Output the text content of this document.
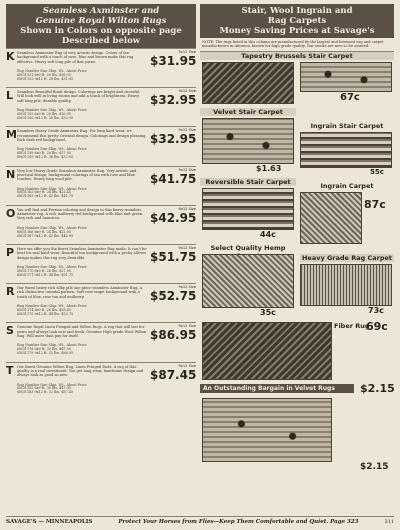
Seamless Axminster and
Genuine Royal Wilton Rugs
Shown in Colors on opposite page
Described below
K Seamless Axminster Rug of very artistic design. Colors of tan background with a touch of rose, blue and brown make this rug effective. Heavy soft long pile of fine yarns.
9x12 Size
$31.95
Rug Number Size Ship. Wt., About Price
6M31151 6x9 ft. 20 lbs. $16.95
6M31152 9x12 ft. 38 lbs. $31.95
L Seamless Beautiful floral design. Colorings are bright and cheerful. Will look well in living rooms and add a touch of brightness. Heavy soft long pile, durable quality.
9x12 Size
$32.95
Rug Number Size Ship. Wt., About Price
6M31155 6x9 ft. 20 lbs. $16.95
6M31156 9x12 ft. 38 lbs. $32.95
M Seamless Heavy Grade Axminster Rug. For long hard wear, we recommend this pretty Oriental design. Colorings and design pleasing. Rich dark red background.
9x12 Size
$32.95
Rug Number Size Ship. Wt., About Price
6M31158 6x9 ft. 20 lbs. $17.95
6M31159 9x12 ft. 38 lbs. $32.95
N Very low Heavy Grade Seamless Axminster Rug. Very artistic and practical design, background colorings of tan with rose and blue touches. Heavy long wool pile.
9x12 Size
$41.75
Rug Number Size Ship. Wt., About Price
6M31162 6x9 ft. 24 lbs. $22.45
6M31163 9x12 ft. 42 lbs. $41.75
O You will find and Persian coloring and design in this heavy seamless Axminster rug. A rich mulberry red background with blue and green. Very rich and luxurious.
9x12 Size
$42.95
Rug Number Size Ship. Wt., About Price
6M31166 6x9 ft. 24 lbs. $22.95
6M31167 9x12 ft. 42 lbs. $42.95
P Here we offer you the finest Seamless Axminster Rug made. It can't be beat for real hard wear. Beautiful tan background with a pretty allover design makes this rug very desirable.
9x12 Size
$51.75
Rug Number Size Ship. Wt., About Price
6M31170 6x9 ft. 26 lbs. $27.95
6M31171 9x12 ft. 44 lbs. $51.75
R Our finest heavy rich silky pile one piece seamless Axminster Rug. A rich distinctive oriental pattern. Soft rose taupe background with a touch of blue, rose tan and mulberry.
9x12 Size
$52.75
Rug Number Size Ship. Wt., About Price
6M31174 6x9 ft. 26 lbs. $28.45
6M31175 9x12 ft. 44 lbs. $52.75
S Genuine Royal Linen Fringed and Wilton Rugs. A rug that will last for years and always look new and fresh. Genuine High grade Wool Wilton Rug. Will more than pay for itself.
9x12 Size
$86.95
Rug Number Size Ship. Wt., About Price
6M31178 6x9 ft. 30 lbs. $47.50
6M31179 9x12 ft. 52 lbs. $86.95
T Our finest Genuine Wilton Rug, Linen Fringed Ends. A rug of this quality is a real investment. You get long wear, handsome design and always look as good as new.
9x12 Size
$87.45
Rug Number Size Ship. Wt., About Price
6M31182 6x9 ft. 30 lbs. $47.95
6M31183 9x12 ft. 52 lbs. $87.45
Stair, Wool Ingrain and
Rag Carpets
Money Saving Prices at Savage's
NOTE: The rugs listed in this column are manufactured by the largest and foremost rug and carpet manufacturers in America, known for high grade quality. Our stocks are new so be assured.
Tapestry Brussels Stair Carpet
67c
Velvet Stair Carpet
$1.63
Ingrain Stair Carpet
55c
Reversible Stair Carpet
44c
Ingrain Carpet
87c
Heavy Grade Rag Carpet
73c
Select Quality Hemp
35c
Fiber Rug
69c
An Outstanding Bargain in Velvet Rugs	$2.15
$2.15
SAVAGE'S — MINNEAPOLIS	Protect Your Horses from Flies—Keep Them Comfortable and Quiet. Page 323	311
